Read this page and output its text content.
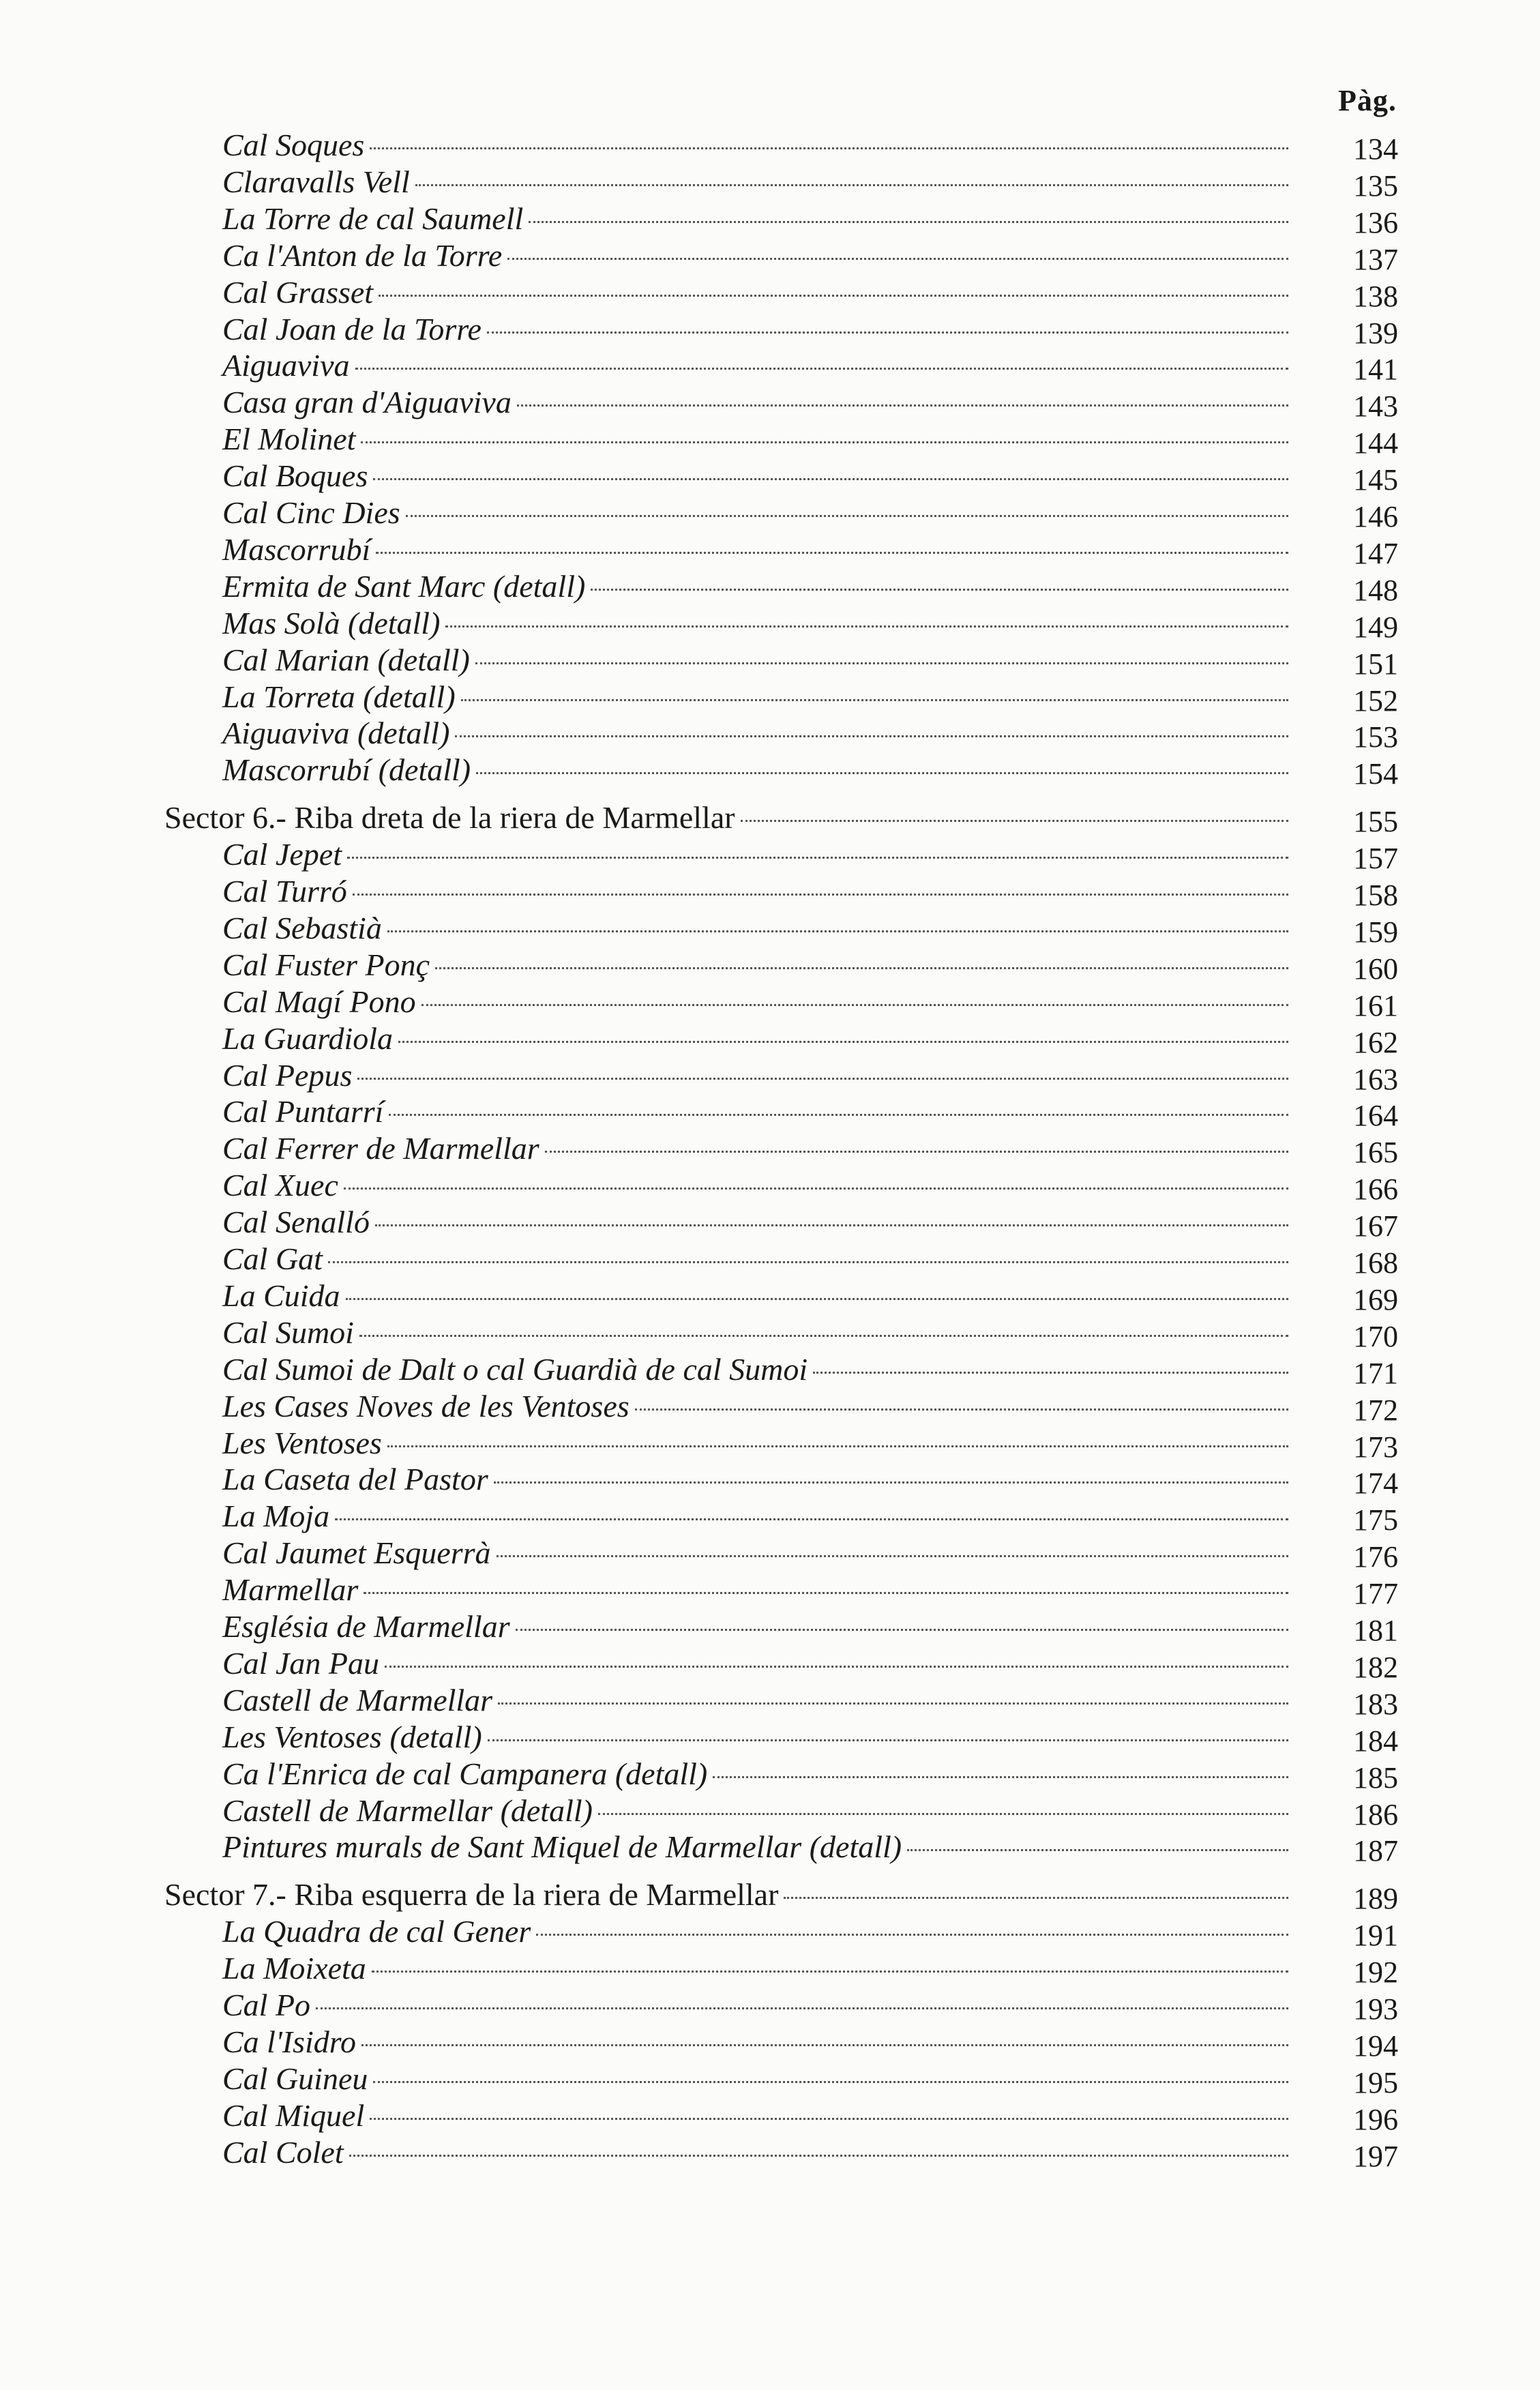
Pàg.
Cal Soques	134
Claravalls Vell	135
La Torre de cal Saumell	136
Ca l'Anton de la Torre	137
Cal Grasset	138
Cal Joan de la Torre	139
Aiguaviva	141
Casa gran d'Aiguaviva	143
El Molinet	144
Cal Boques	145
Cal Cinc Dies	146
Mascorrubí	147
Ermita de Sant Marc (detall)	148
Mas Solà (detall)	149
Cal Marian (detall)	151
La Torreta (detall)	152
Aiguaviva (detall)	153
Mascorrubí (detall)	154
Sector 6.- Riba dreta de la riera de Marmellar	155
Cal Jepet	157
Cal Turró	158
Cal Sebastià	159
Cal Fuster Ponç	160
Cal Magí Pono	161
La Guardiola	162
Cal Pepus	163
Cal Puntarrí	164
Cal Ferrer de Marmellar	165
Cal Xuec	166
Cal Senalló	167
Cal Gat	168
La Cuida	169
Cal Sumoi	170
Cal Sumoi de Dalt o cal Guardià de cal Sumoi	171
Les Cases Noves de les Ventoses	172
Les Ventoses	173
La Caseta del Pastor	174
La Moja	175
Cal Jaumet Esquerrà	176
Marmellar	177
Església de Marmellar	181
Cal Jan Pau	182
Castell de Marmellar	183
Les Ventoses (detall)	184
Ca l'Enrica de cal Campanera (detall)	185
Castell de Marmellar (detall)	186
Pintures murals de Sant Miquel de Marmellar (detall)	187
Sector 7.- Riba esquerra de la riera de Marmellar	189
La Quadra de cal Gener	191
La Moixeta	192
Cal Po	193
Ca l'Isidro	194
Cal Guineu	195
Cal Miquel	196
Cal Colet	197
